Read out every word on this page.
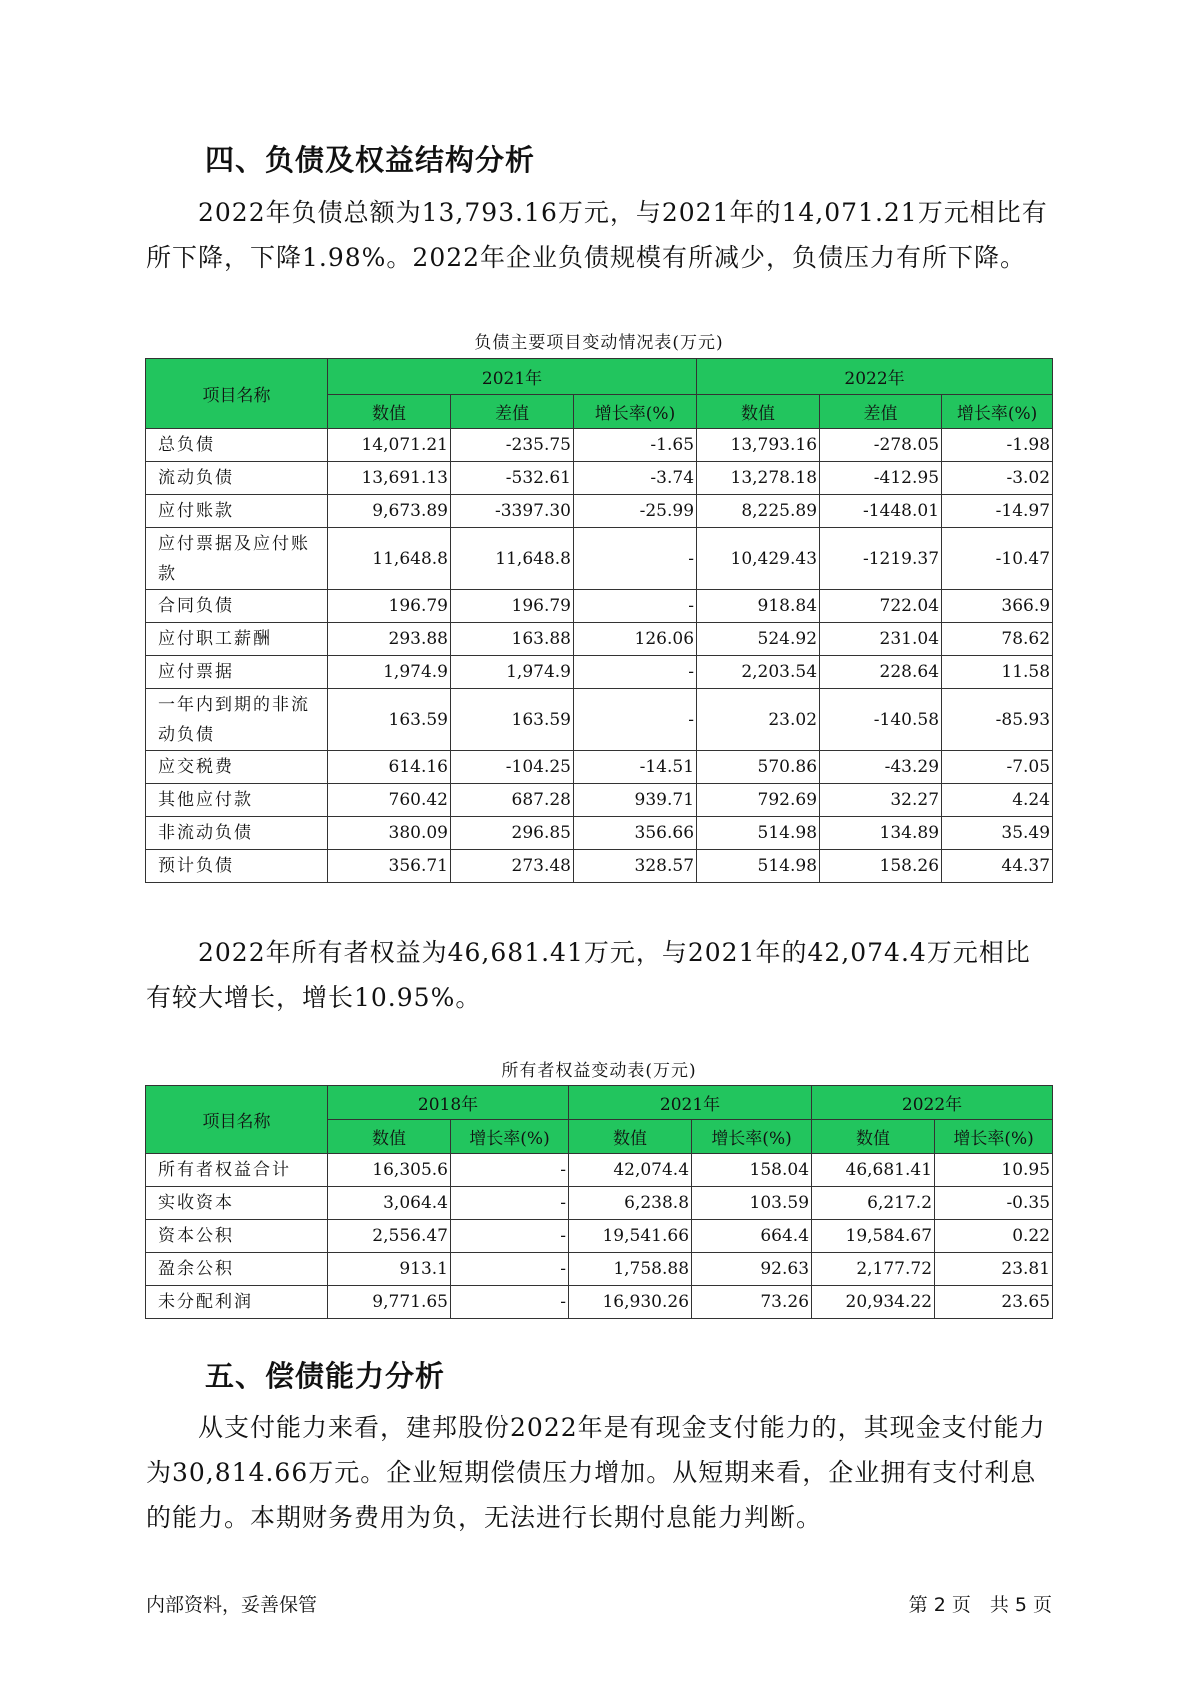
四、负债及权益结构分析

2022年负债总额为13,793.16万元，与2021年的14,071.21万元相比有所下降，下降1.98%。2022年企业负债规模有所减少，负债压力有所下降。

负债主要项目变动情况表(万元)
项目名称	2021年			2022年		
	数值	差值	增长率(%)	数值	差值	增长率(%)
总负债	14,071.21	-235.75	-1.65	13,793.16	-278.05	-1.98
流动负债	13,691.13	-532.61	-3.74	13,278.18	-412.95	-3.02
应付账款	9,673.89	-3397.30	-25.99	8,225.89	-1448.01	-14.97
应付票据及应付账款	11,648.8	11,648.8	-	10,429.43	-1219.37	-10.47
合同负债	196.79	196.79	-	918.84	722.04	366.9
应付职工薪酬	293.88	163.88	126.06	524.92	231.04	78.62
应付票据	1,974.9	1,974.9	-	2,203.54	228.64	11.58
一年内到期的非流动负债	163.59	163.59	-	23.02	-140.58	-85.93
应交税费	614.16	-104.25	-14.51	570.86	-43.29	-7.05
其他应付款	760.42	687.28	939.71	792.69	32.27	4.24
非流动负债	380.09	296.85	356.66	514.98	134.89	35.49
预计负债	356.71	273.48	328.57	514.98	158.26	44.37

2022年所有者权益为46,681.41万元，与2021年的42,074.4万元相比有较大增长，增长10.95%。

所有者权益变动表(万元)
项目名称	2018年		2021年		2022年	
	数值	增长率(%)	数值	增长率(%)	数值	增长率(%)
所有者权益合计	16,305.6	-	42,074.4	158.04	46,681.41	10.95
实收资本	3,064.4	-	6,238.8	103.59	6,217.2	-0.35
资本公积	2,556.47	-	19,541.66	664.4	19,584.67	0.22
盈余公积	913.1	-	1,758.88	92.63	2,177.72	23.81
未分配利润	9,771.65	-	16,930.26	73.26	20,934.22	23.65
五、偿债能力分析

从支付能力来看，建邦股份2022年是有现金支付能力的，其现金支付能力为30,814.66万元。企业短期偿债压力增加。从短期来看，企业拥有支付利息的能力。本期财务费用为负，无法进行长期付息能力判断。

内部资料，妥善保管	第 2 页　共 5 页
